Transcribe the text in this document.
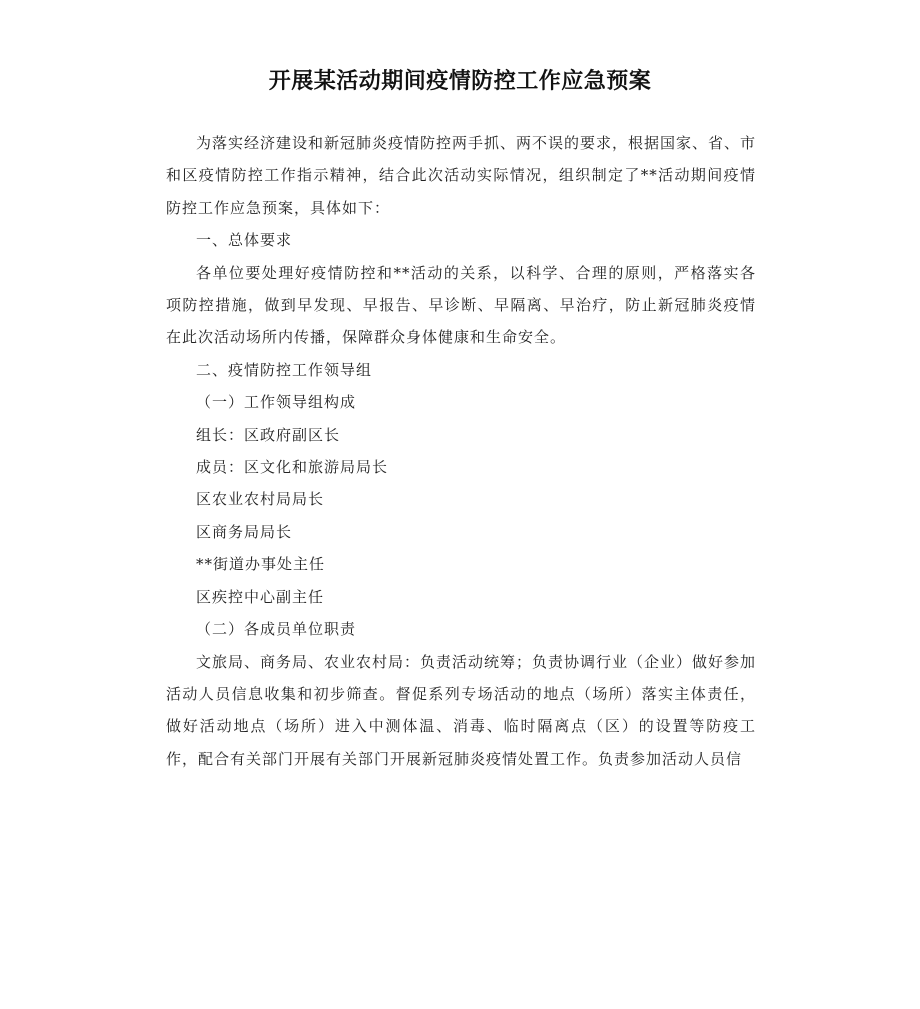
开展某活动期间疫情防控工作应急预案

为落实经济建设和新冠肺炎疫情防控两手抓、两不误的要求，根据国家、省、市和区疫情防控工作指示精神，结合此次活动实际情况，组织制定了**活动期间疫情防控工作应急预案，具体如下：

一、总体要求

各单位要处理好疫情防控和**活动的关系，以科学、合理的原则，严格落实各项防控措施，做到早发现、早报告、早诊断、早隔离、早治疗，防止新冠肺炎疫情在此次活动场所内传播，保障群众身体健康和生命安全。

二、疫情防控工作领导组

（一）工作领导组构成

组长：区政府副区长

成员：区文化和旅游局局长

区农业农村局局长

区商务局局长

**街道办事处主任

区疾控中心副主任

（二）各成员单位职责

文旅局、商务局、农业农村局：负责活动统筹；负责协调行业（企业）做好参加活动人员信息收集和初步筛查。督促系列专场活动的地点（场所）落实主体责任，做好活动地点（场所）进入中测体温、消毒、临时隔离点（区）的设置等防疫工作，配合有关部门开展有关部门开展新冠肺炎疫情处置工作。负责参加活动人员信
